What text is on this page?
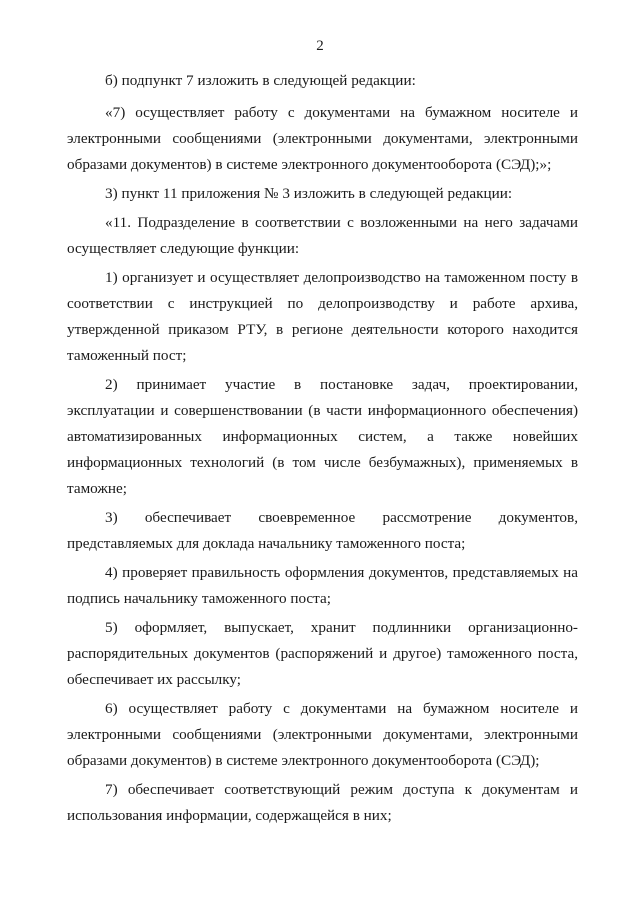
2

б) подпункт 7 изложить в следующей редакции:

«7) осуществляет работу с документами на бумажном носителе и электронными сообщениями (электронными документами, электронными образами документов) в системе электронного документооборота (СЭД);»;

3) пункт 11 приложения № 3 изложить в следующей редакции:

«11. Подразделение в соответствии с возложенными на него задачами осуществляет следующие функции:

1) организует и осуществляет делопроизводство на таможенном посту в соответствии с инструкцией по делопроизводству и работе архива, утвержденной приказом РТУ, в регионе деятельности которого находится таможенный пост;

2) принимает участие в постановке задач, проектировании, эксплуатации и совершенствовании (в части информационного обеспечения) автоматизированных информационных систем, а также новейших информационных технологий (в том числе безбумажных), применяемых в таможне;

3) обеспечивает своевременное рассмотрение документов, представляемых для доклада начальнику таможенного поста;

4) проверяет правильность оформления документов, представляемых на подпись начальнику таможенного поста;

5) оформляет, выпускает, хранит подлинники организационно-распорядительных документов (распоряжений и другое) таможенного поста, обеспечивает их рассылку;

6) осуществляет работу с документами на бумажном носителе и электронными сообщениями (электронными документами, электронными образами документов) в системе электронного документооборота (СЭД);

7) обеспечивает соответствующий режим доступа к документам и использования информации, содержащейся в них;
